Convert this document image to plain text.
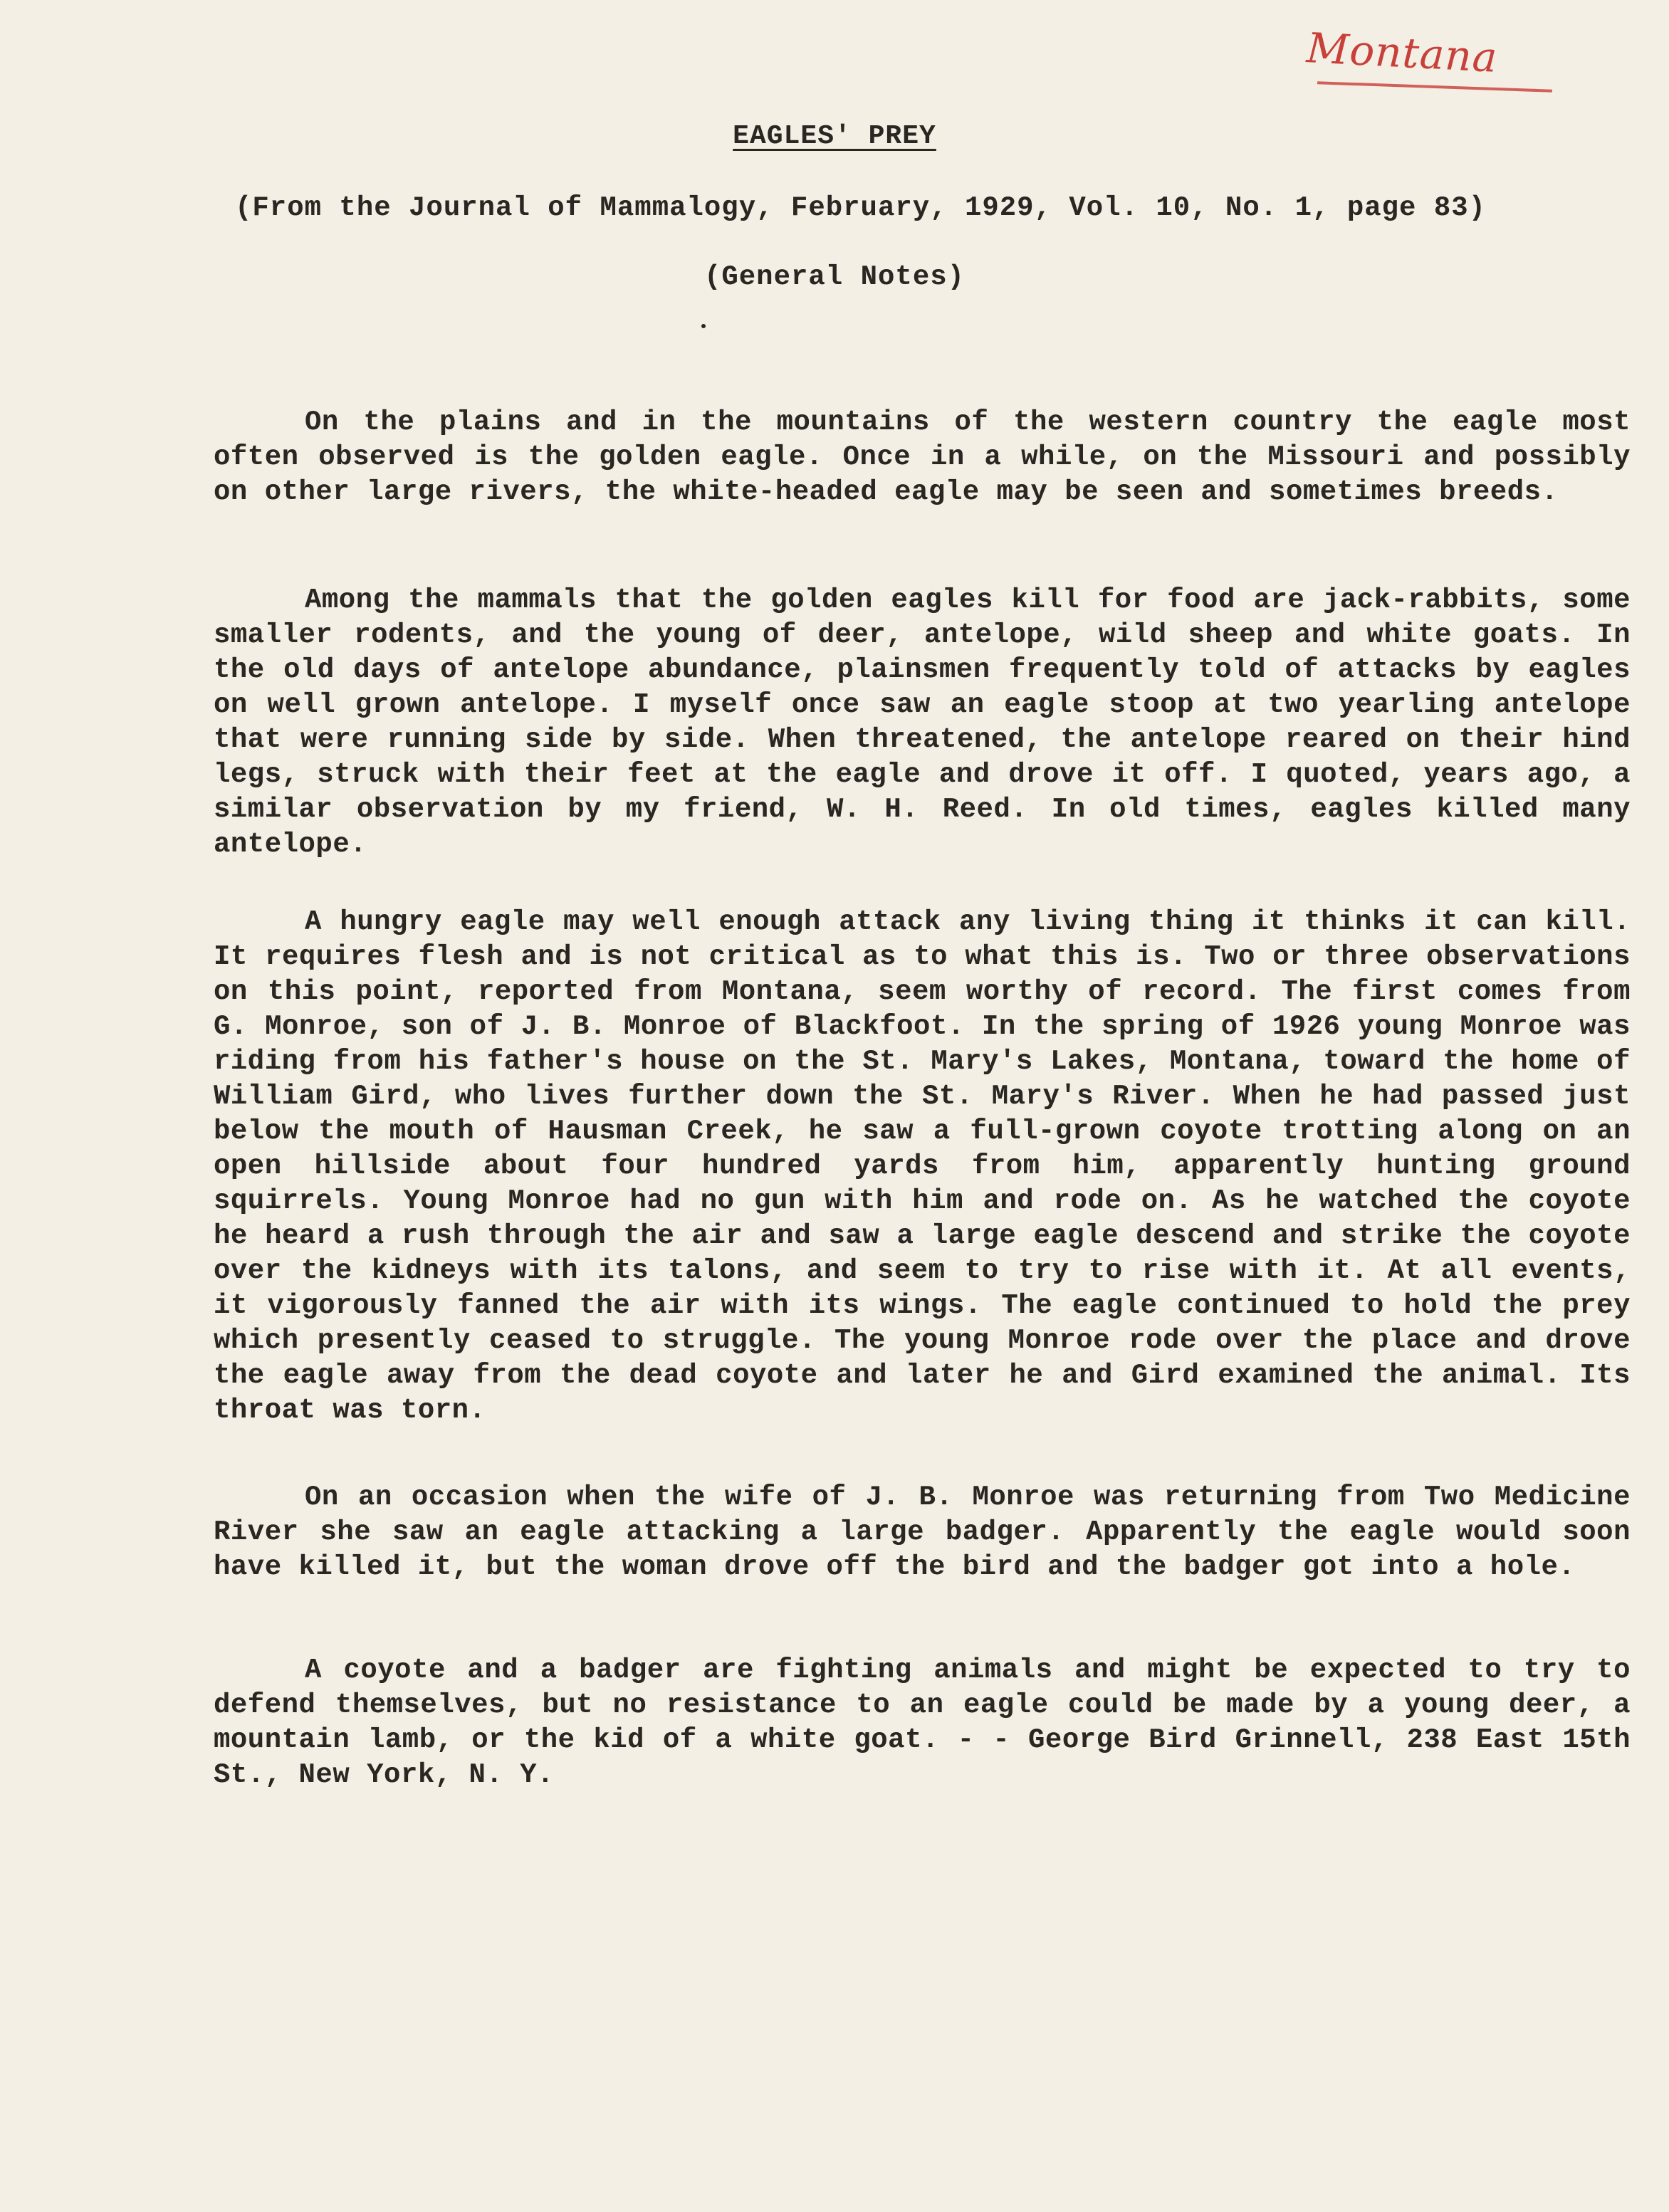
Montana
EAGLES' PREY
(From the Journal of Mammalogy, February, 1929, Vol. 10, No. 1, page 83)
(General Notes)

On the plains and in the mountains of the western country the eagle most often observed is the golden eagle. Once in a while, on the Missouri and possibly on other large rivers, the white-headed eagle may be seen and sometimes breeds.

Among the mammals that the golden eagles kill for food are jack-rabbits, some smaller rodents, and the young of deer, antelope, wild sheep and white goats. In the old days of antelope abundance, plainsmen frequently told of attacks by eagles on well grown antelope. I myself once saw an eagle stoop at two yearling antelope that were running side by side. When threatened, the antelope reared on their hind legs, struck with their feet at the eagle and drove it off. I quoted, years ago, a similar observation by my friend, W. H. Reed. In old times, eagles killed many antelope.

A hungry eagle may well enough attack any living thing it thinks it can kill. It requires flesh and is not critical as to what this is. Two or three observations on this point, reported from Montana, seem worthy of record. The first comes from G. Monroe, son of J. B. Monroe of Blackfoot. In the spring of 1926 young Monroe was riding from his father's house on the St. Mary's Lakes, Montana, toward the home of William Gird, who lives further down the St. Mary's River. When he had passed just below the mouth of Hausman Creek, he saw a full-grown coyote trotting along on an open hillside about four hundred yards from him, apparently hunting ground squirrels. Young Monroe had no gun with him and rode on. As he watched the coyote he heard a rush through the air and saw a large eagle descend and strike the coyote over the kidneys with its talons, and seem to try to rise with it. At all events, it vigorously fanned the air with its wings. The eagle continued to hold the prey which presently ceased to struggle. The young Monroe rode over the place and drove the eagle away from the dead coyote and later he and Gird examined the animal. Its throat was torn.

On an occasion when the wife of J. B. Monroe was returning from Two Medicine River she saw an eagle attacking a large badger. Apparently the eagle would soon have killed it, but the woman drove off the bird and the badger got into a hole.

A coyote and a badger are fighting animals and might be expected to try to defend themselves, but no resistance to an eagle could be made by a young deer, a mountain lamb, or the kid of a white goat. - - George Bird Grinnell, 238 East 15th St., New York, N. Y.
